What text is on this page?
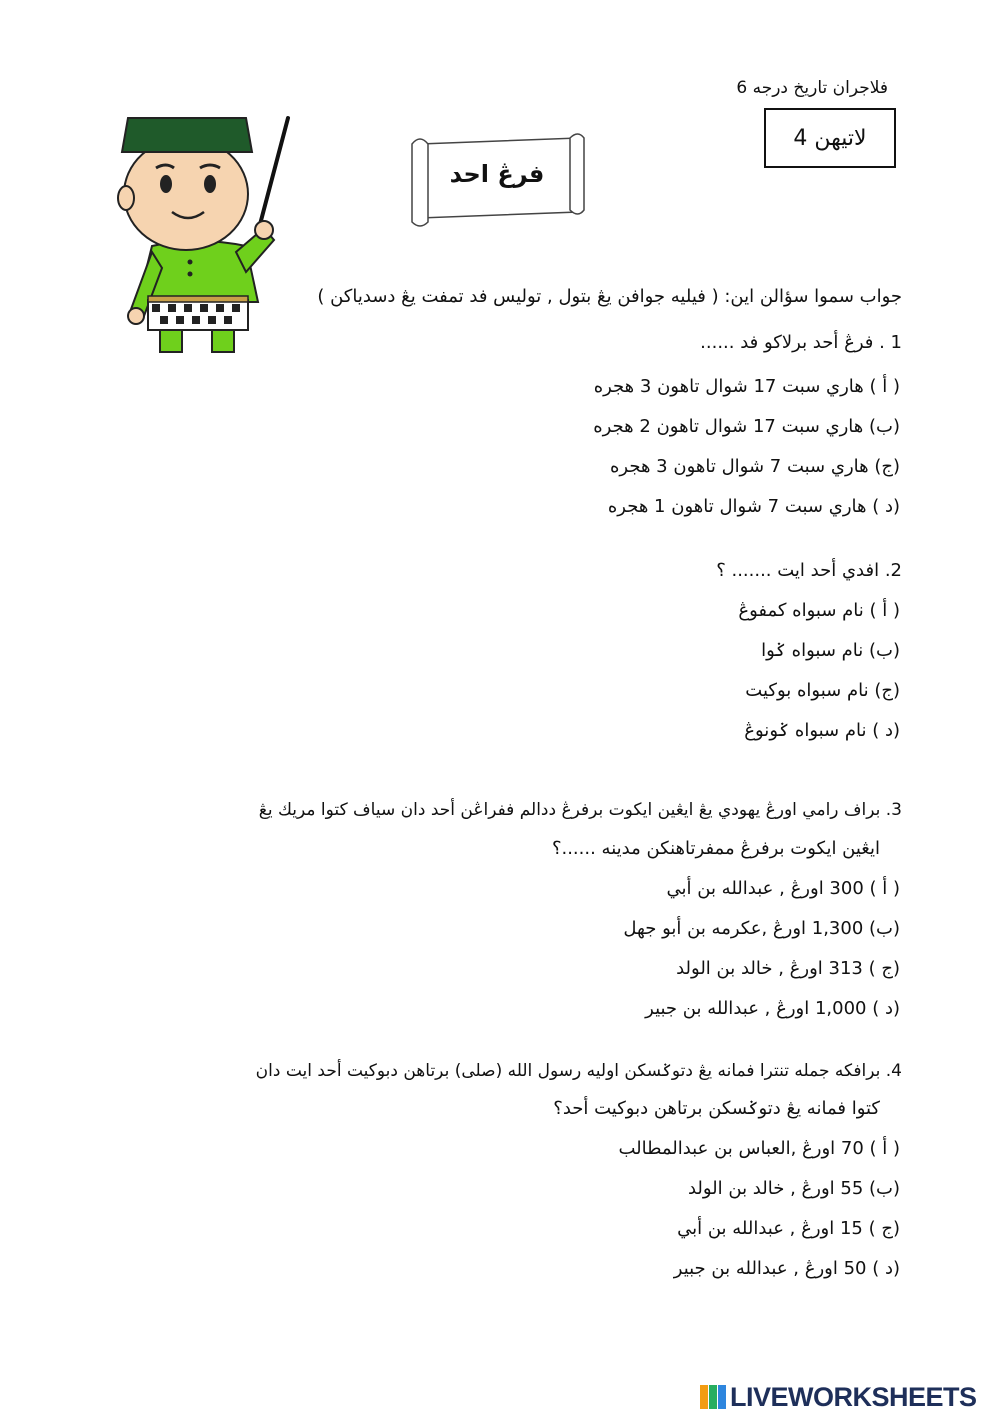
فلاجران تاريخ درجه 6
لاتيهن 4
فرڠ احد
جواب سموا سؤالن اين: ( فيليه جوافن يڠ بتول , توليس فد تمفت يڠ دسدياكن )
1 . فرڠ أحد برلاكو فد ......
( أ ) هاري سبت 17 شوال تاهون 3 هجره
(ب) هاري سبت 17 شوال تاهون 2 هجره
(ج) هاري سبت 7 شوال تاهون 3 هجره
(د ) هاري سبت 7 شوال تاهون 1 هجره
2. افدي أحد ايت ....... ؟
( أ ) نام سبواه كمفوڠ
(ب) نام سبواه ݢوا
(ج) نام سبواه بوكيت
(د ) نام سبواه ݢونوڠ
3. براف رامي اورڠ يهودي يڠ ايڠين ايكوت برفرڠ ددالم ففراڠن أحد دان سياف كتوا مريك يڠ
ايڠين ايكوت برفرڠ ممفرتاهنكن مدينه ......؟
( أ ) 300 اورڠ , عبدالله بن أبي
(ب) 1,300 اورڠ ,عكرمه بن أبو جهل
(ج ) 313 اورڠ , خالد بن الولد
(د ) 1,000 اورڠ , عبدالله بن جبير
4. برافكه جمله تنترا فمانه يڠ دتوݢسكن اوليه رسول الله (صلى) برتاهن دبوكيت أحد ايت دان
كتوا فمانه يڠ دتوݢسكن برتاهن دبوكيت أحد؟
( أ ) 70 اورڠ ,العباس بن عبدالمطالب
(ب) 55 اورڠ , خالد بن الولد
(ج ) 15 اورڠ , عبدالله بن أبي
(د ) 50 اورڠ , عبدالله بن جبير
LIVEWORKSHEETS
